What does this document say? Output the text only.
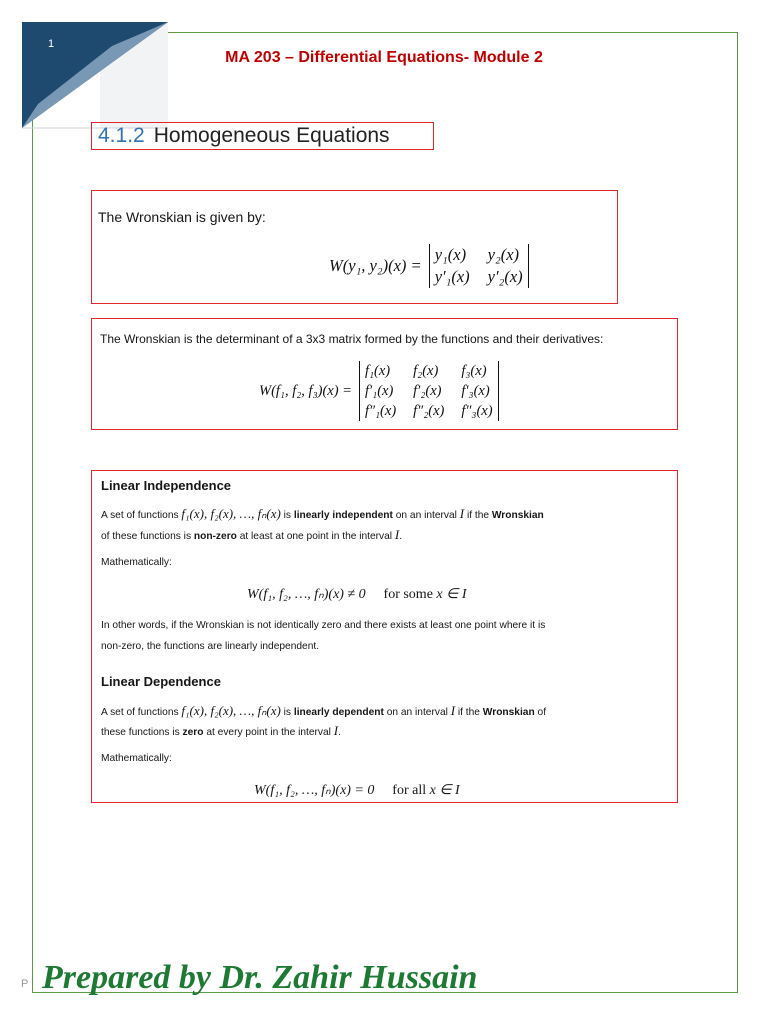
1
MA 203 – Differential Equations- Module 2
4.1.2 Homogeneous Equations
The Wronskian is given by:
W(y₁, y₂)(x) =
y₁(x) y₂(x)
y′₁(x) y′₂(x)
The Wronskian is the determinant of a 3x3 matrix formed by the functions and their derivatives:
W(f₁, f₂, f₃)(x) =
f₁(x)	f₂(x)	f₃(x)
f′₁(x) f′₂(x) f′₃(x)
f″₁(x) f″₂(x) f″₃(x)
Linear Independence
A set of functions f₁(x), f₂(x), …, fₙ(x) is linearly independent on an interval I if the Wronskian
of these functions is non-zero at least at one point in the interval I.
Mathematically:
W(f₁, f₂, …, fₙ)(x) ≠ 0 for some x ∈ I
In other words, if the Wronskian is not identically zero and there exists at least one point where it is
non-zero, the functions are linearly independent.
Linear Dependence
A set of functions f₁(x), f₂(x), …, fₙ(x) is linearly dependent on an interval I if the Wronskian of
these functions is zero at every point in the interval I.
Mathematically:
W(f₁, f₂, …, fₙ)(x) = 0 for all x ∈ I
P Prepared by Dr. Zahir Hussain
